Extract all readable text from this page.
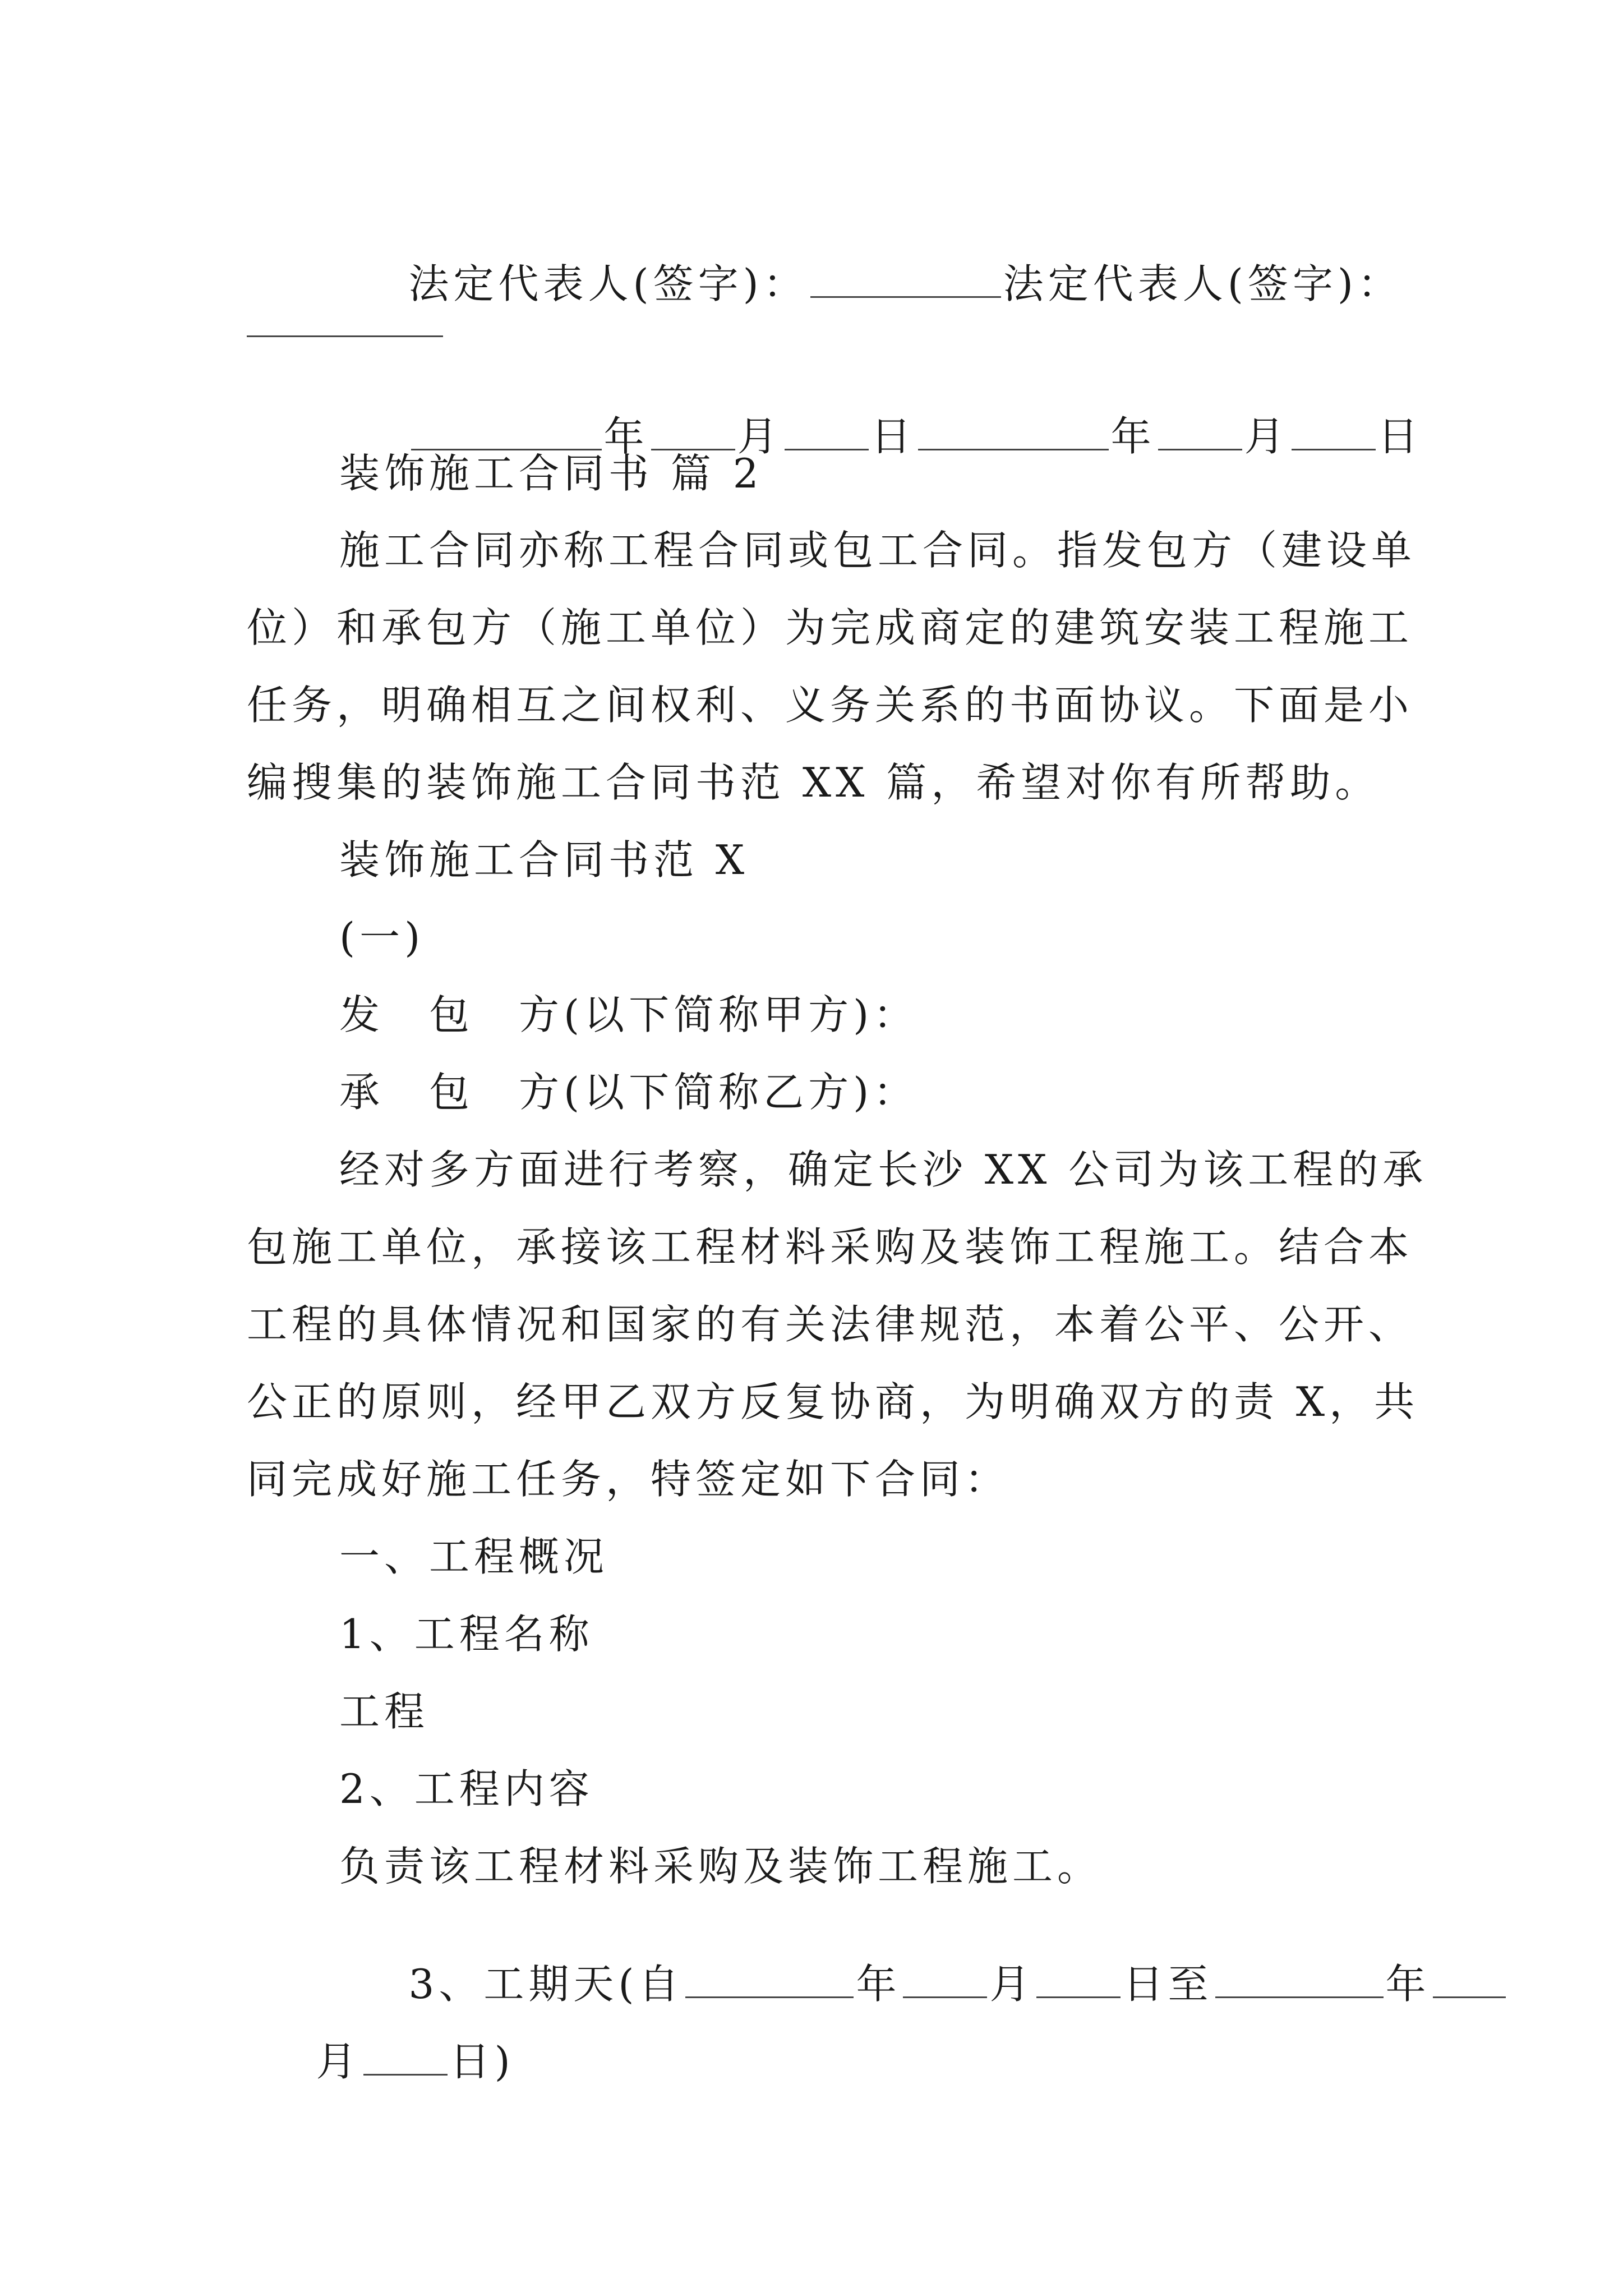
法定代表人(签字)：	法定代表人(签字)：

年 月 日	年 月 日

装饰施工合同书 篇 2
施工合同亦称工程合同或包工合同。指发包方（建设单
位）和承包方（施工单位）为完成商定的建筑安装工程施工
任务，明确相互之间权利、义务关系的书面协议。下面是小
编搜集的装饰施工合同书范 XX 篇，希望对你有所帮助。
装饰施工合同书范 X
(一)
发　包　方(以下简称甲方)：
承　包　方(以下简称乙方)：
经对多方面进行考察，确定长沙 XX 公司为该工程的承
包施工单位，承接该工程材料采购及装饰工程施工。结合本
工程的具体情况和国家的有关法律规范，本着公平、公开、
公正的原则，经甲乙双方反复协商，为明确双方的责 X，共
同完成好施工任务，特签定如下合同：
一、工程概况
1、工程名称
工程
2、工程内容
负责该工程材料采购及装饰工程施工。

3、工期天(自	年 月 日至	年

月 日)
